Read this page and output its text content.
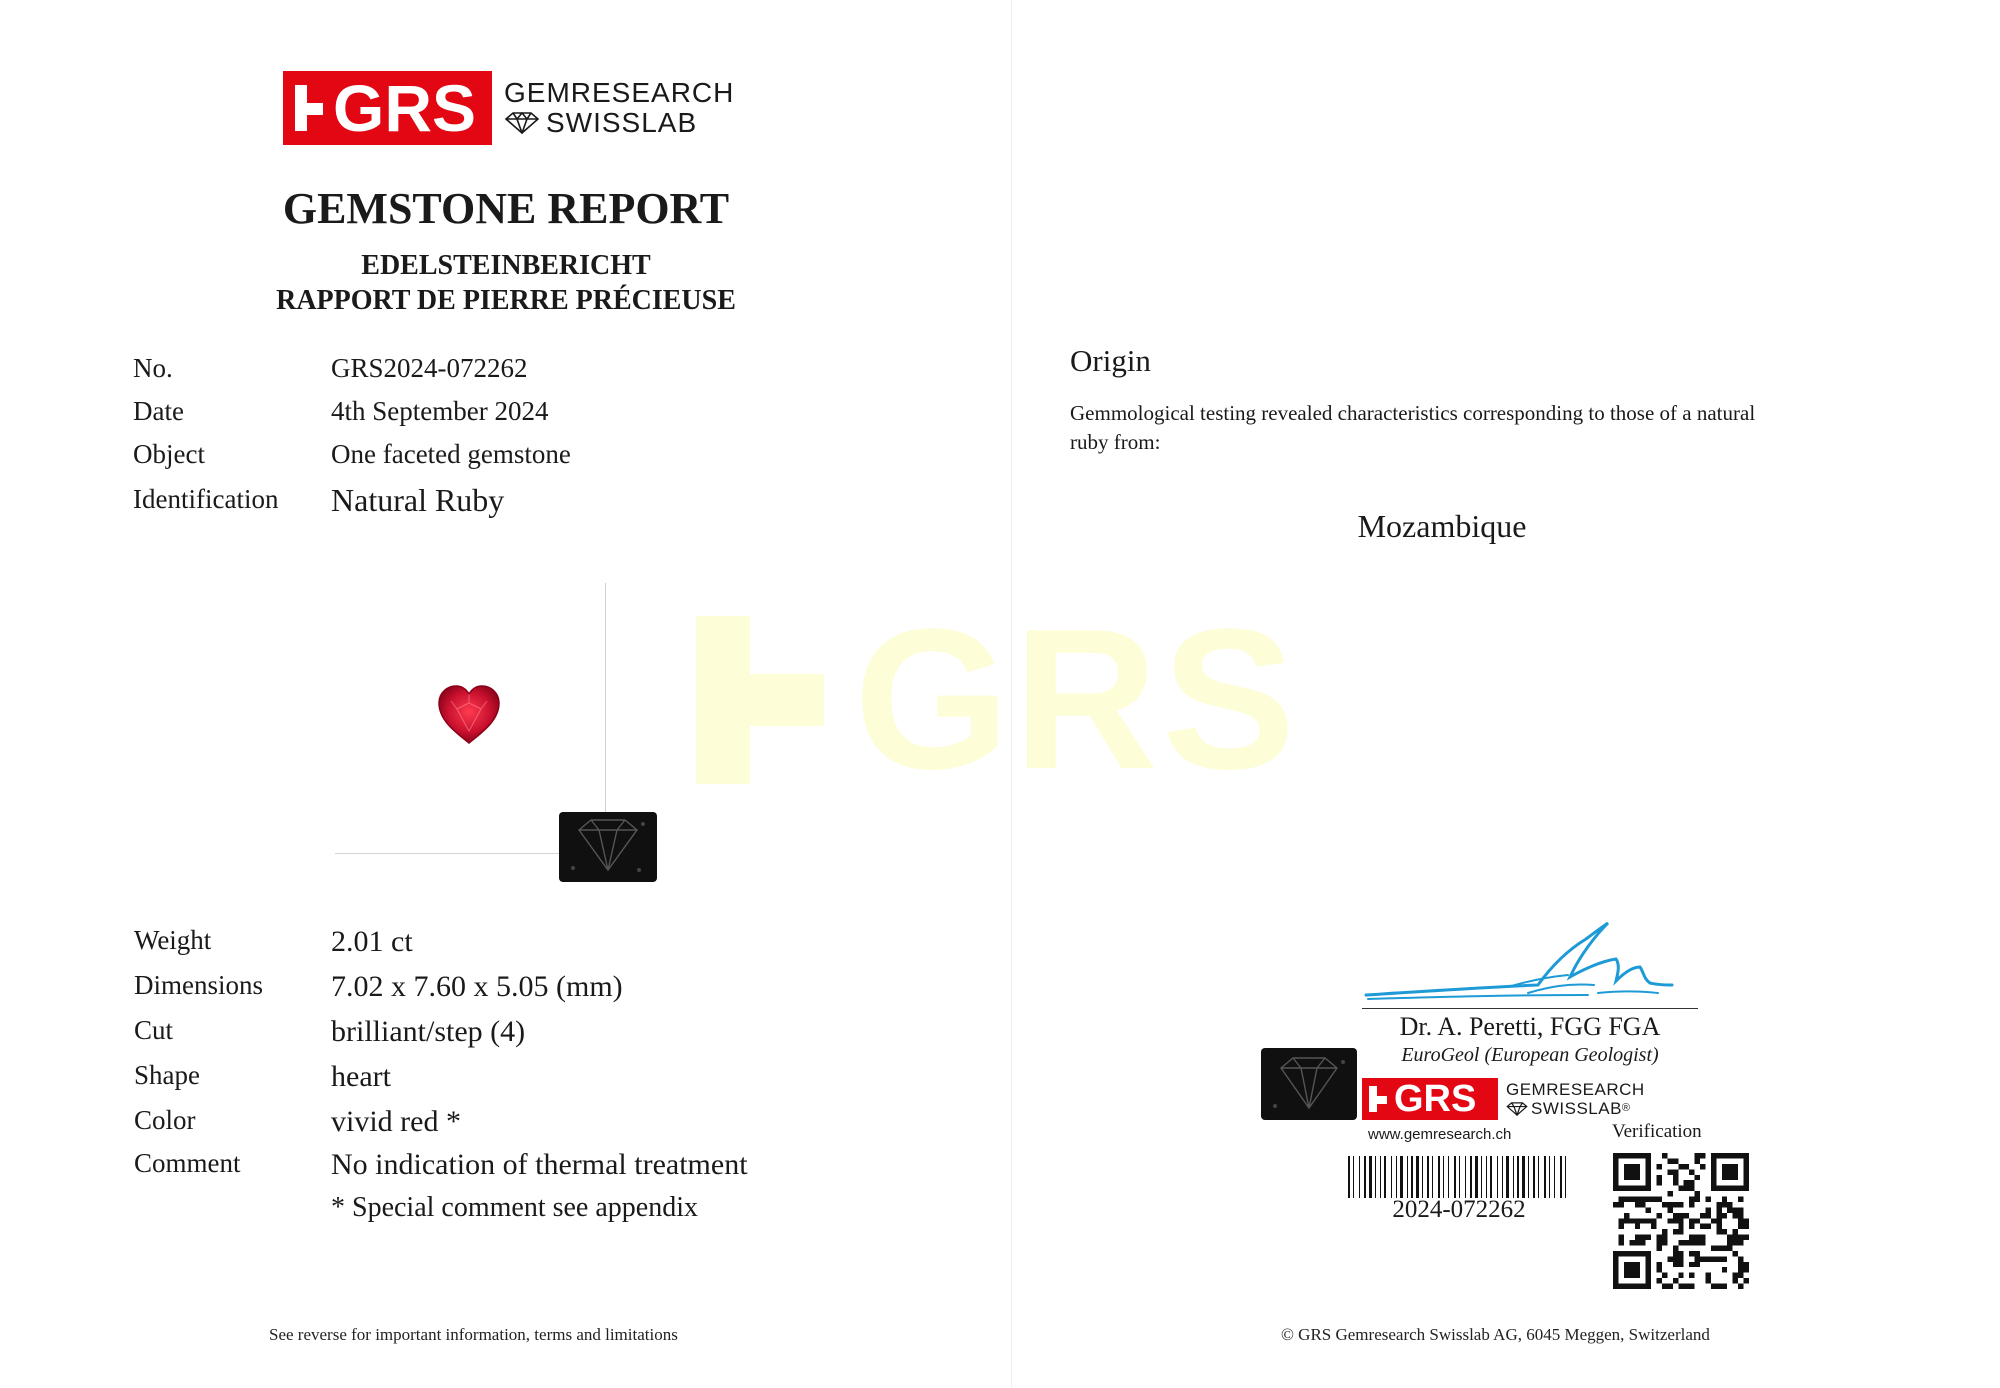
GRS GEMRESEARCH
SWISSLAB
GEMSTONE REPORT
EDELSTEINBERICHT
RAPPORT DE PIERRE PRÉCIEUSE
No.	GRS2024-072262
Date	4th September 2024
Object	One faceted gemstone
Identification Natural Ruby
GRS
Weight	2.01 ct
Dimensions 7.02 x 7.60 x 5.05 (mm)
Cut	brilliant/step (4)
Shape	heart
Color	vivid red *
Comment	No indication of thermal treatment
* Special comment see appendix
See reverse for important information, terms and limitations
Origin
Gemmological testing revealed characteristics corresponding to those of a natural ruby from:
Mozambique
Dr. A. Peretti, FGG FGA
EuroGeol (European Geologist)
GRS GEMRESEARCH
SWISSLAB ®
www.gemresearch.ch	Verification
2024-072262
© GRS Gemresearch Swisslab AG, 6045 Meggen, Switzerland
